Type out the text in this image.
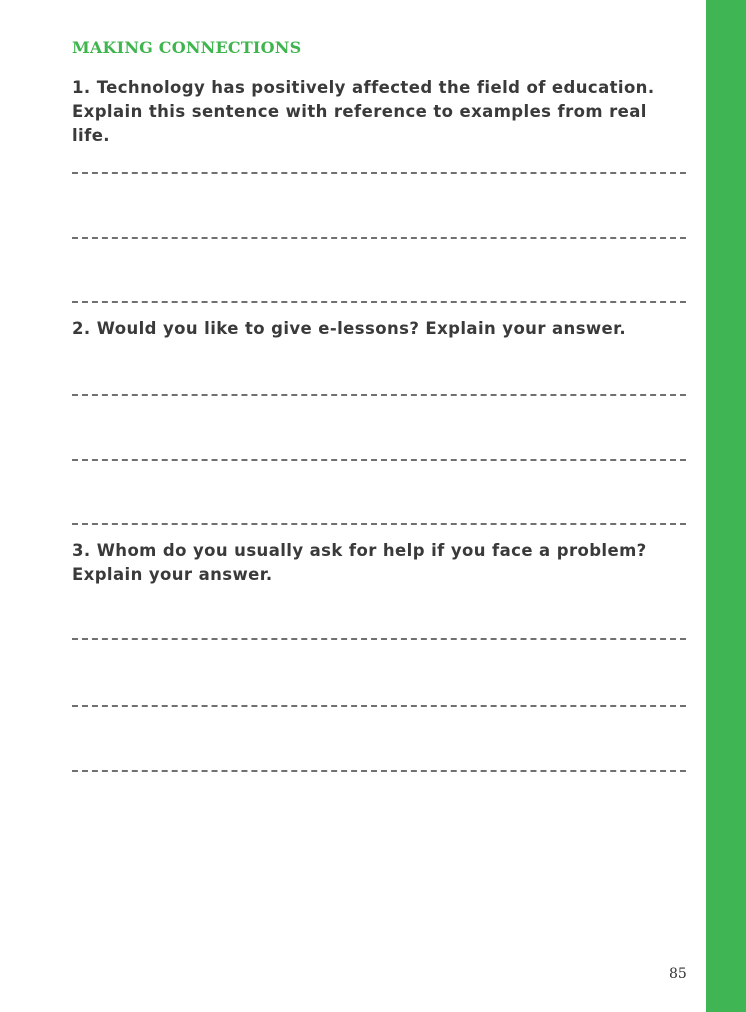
MAKING CONNECTIONS

1. Technology has positively affected the field of education. Explain this sentence with reference to examples from real life.

2. Would you like to give e-lessons? Explain your answer.

3. Whom do you usually ask for help if you face a problem? Explain your answer.

85
